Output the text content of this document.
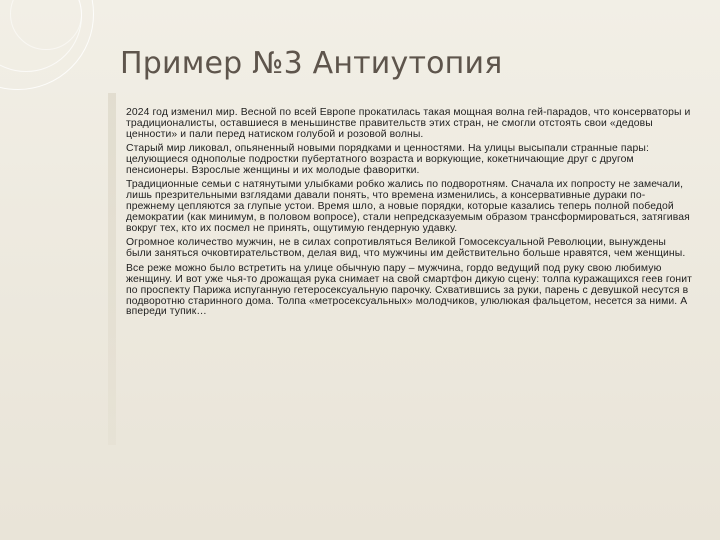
Пример №3 Антиутопия

2024 год изменил мир. Весной по всей Европе прокатилась такая мощная волна гей-парадов, что консерваторы и традиционалисты, оставшиеся в меньшинстве правительств этих стран, не смогли отстоять свои «дедовы ценности» и пали перед натиском голубой и розовой волны.

Старый мир ликовал, опьяненный новыми порядками и ценностями. На улицы высыпали странные пары: целующиеся однополые подростки пубертатного возраста и воркующие, кокетничающие друг с другом пенсионеры. Взрослые женщины и их молодые фаворитки.

Традиционные семьи с натянутыми улыбками робко жались по подворотням. Сначала их попросту не замечали, лишь презрительными взглядами давали понять, что времена изменились, а консервативные дураки по-прежнему цепляются за глупые устои. Время шло, а новые порядки, которые казались теперь полной победой демократии (как минимум, в половом вопросе), стали непредсказуемым образом трансформироваться, затягивая вокруг тех, кто их посмел не принять, ощутимую гендерную удавку.

Огромное количество мужчин, не в силах сопротивляться Великой Гомосексуальной Революции, вынуждены были заняться очковтирательством, делая вид, что мужчины им действительно больше нравятся, чем женщины.

Все реже можно было встретить на улице обычную пару – мужчина, гордо ведущий под руку свою любимую женщину. И вот уже чья-то дрожащая рука снимает на свой смартфон дикую сцену: толпа куражащихся геев гонит по проспекту Парижа испуганную гетеросексуальную парочку. Схватившись за руки, парень с девушкой несутся в подворотню старинного дома. Толпа «метросексуальных» молодчиков, улюлюкая фальцетом, несется за ними. А впереди тупик…
